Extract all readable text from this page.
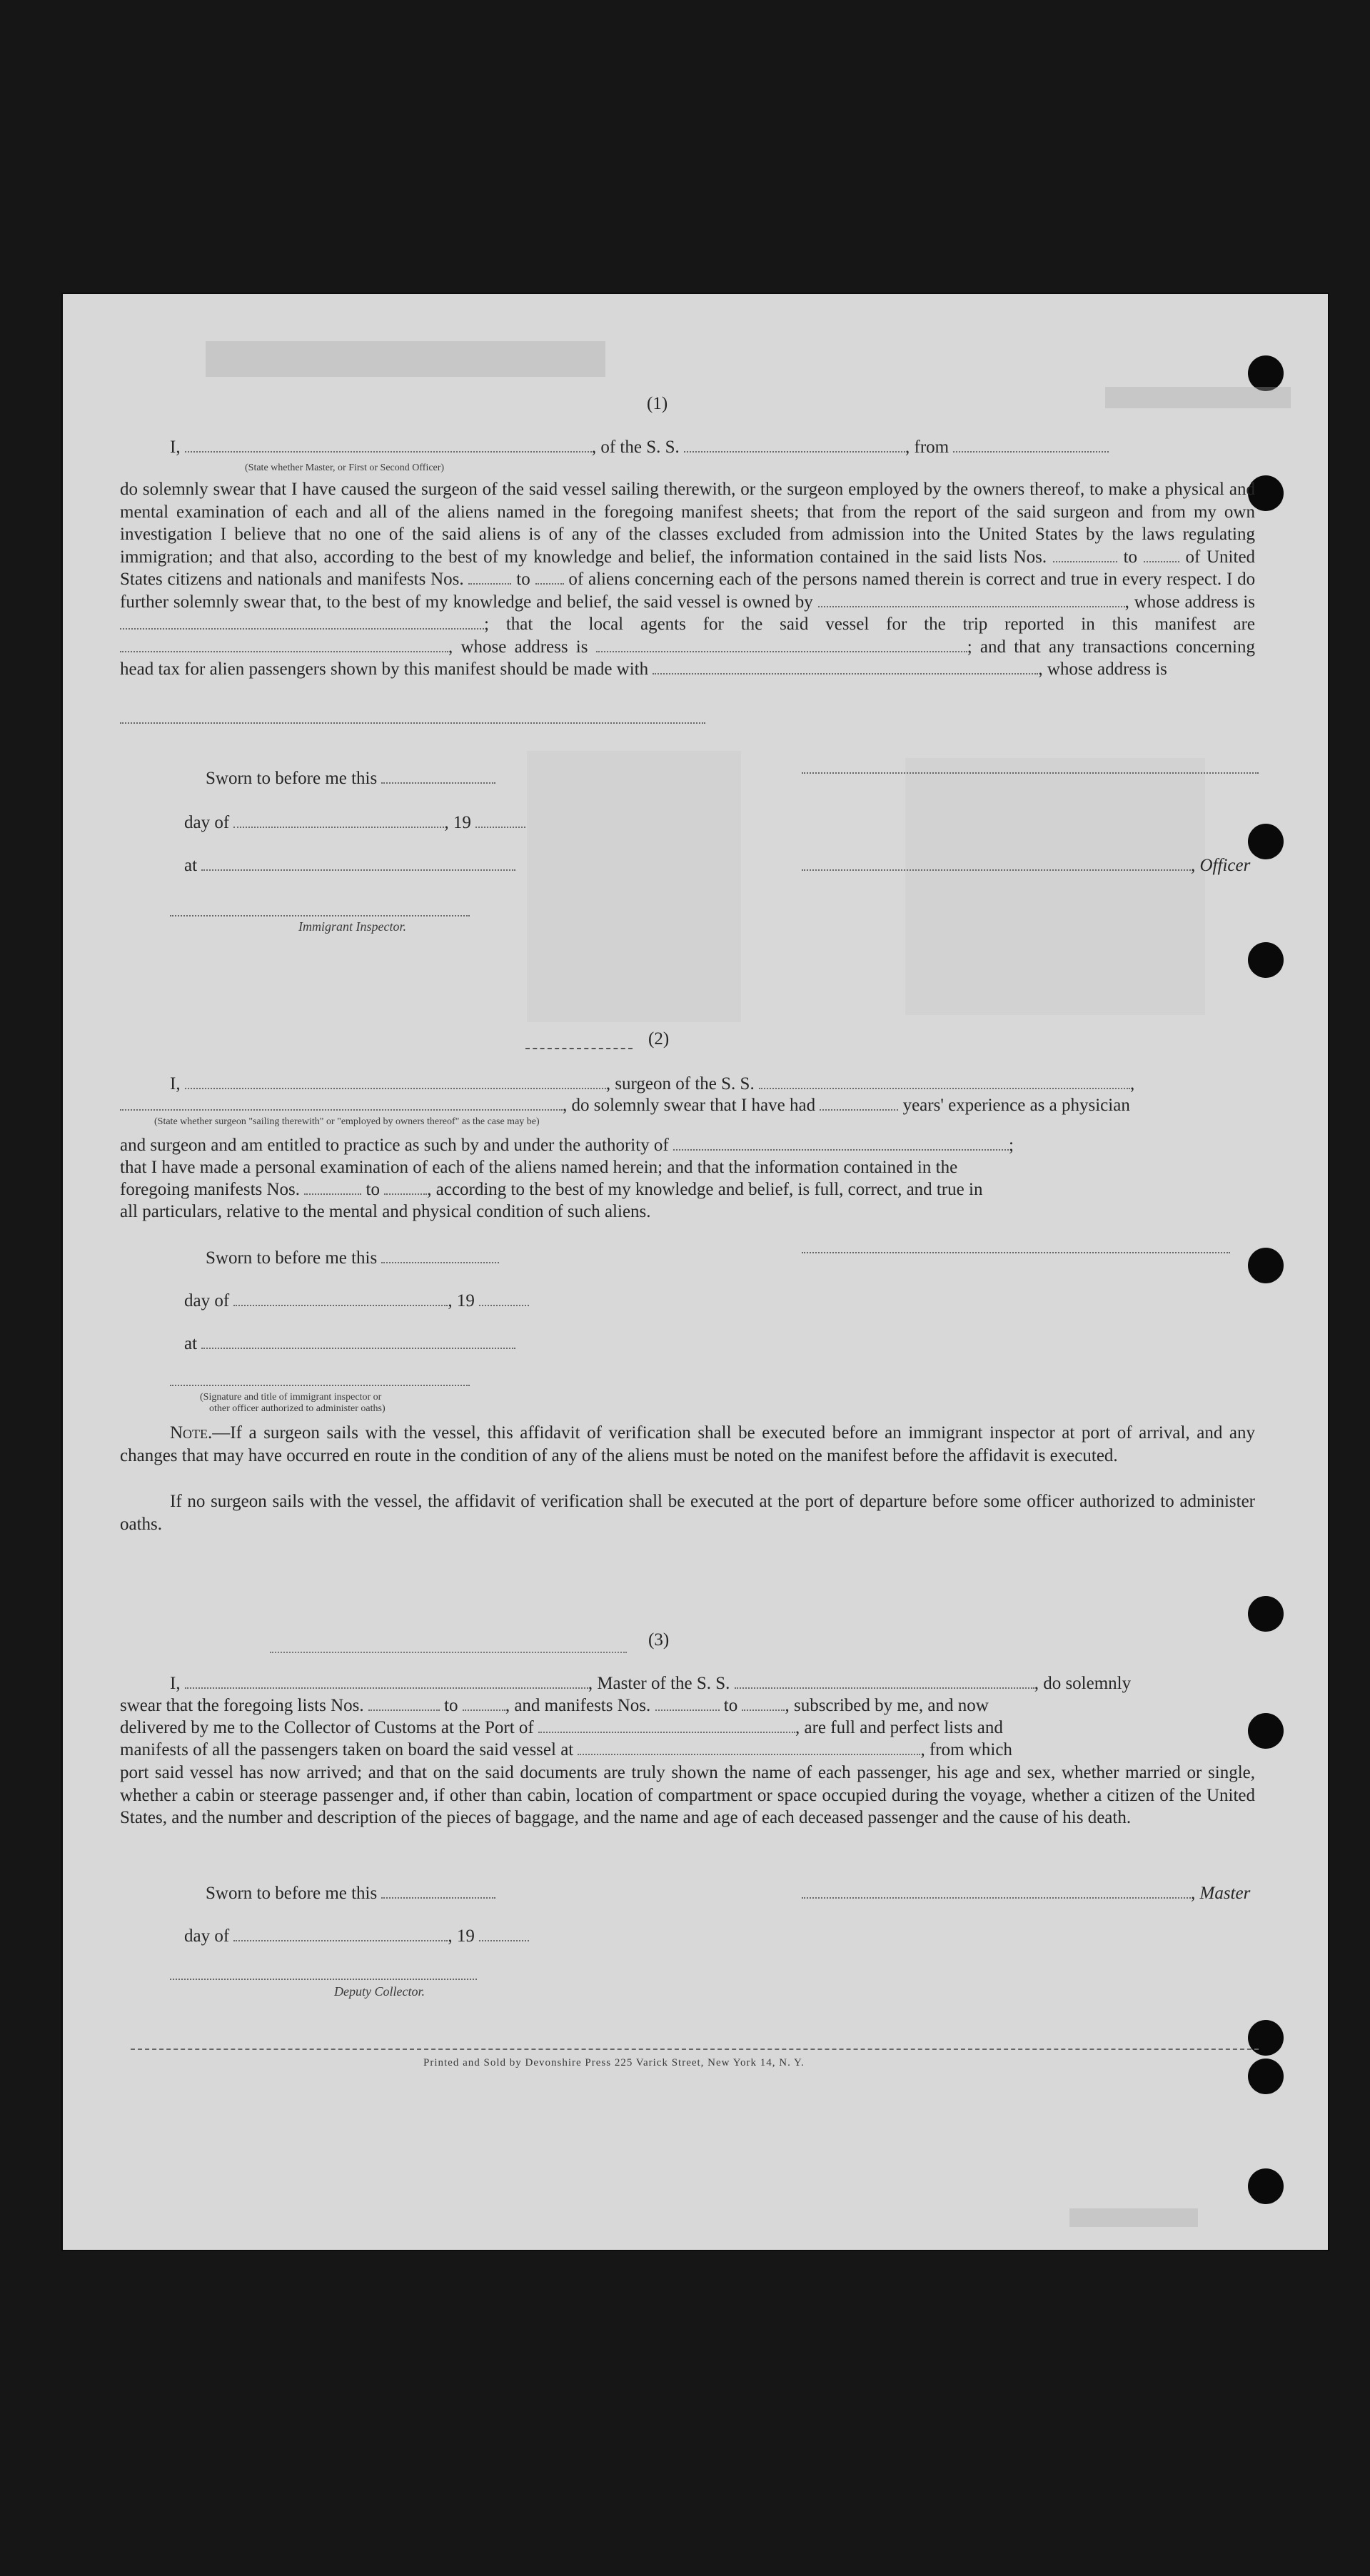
(1)
I,	, of the S. S.	, from
(State whether Master, or First or Second Officer)
do solemnly swear that I have caused the surgeon of the said vessel sailing therewith, or the surgeon employed by the owners thereof, to make a physical and mental examination of each and all of the aliens named in the foregoing manifest sheets; that from the report of the said surgeon and from my own investigation I believe that no one of the said aliens is of any of the classes excluded from admission into the United States by the laws regulating immigration; and that also, according to the best of my knowledge and belief, the information contained in the said lists Nos.	to	of United States citizens and nationals and manifests Nos.	to of aliens concerning each of the persons named therein is correct and true in every respect. I do further solemnly swear that, to the best of my knowledge and belief, the said vessel is owned by	, whose address is ; that the local agents for the said vessel for the trip reported in this manifest are , whose address is	; and that any transactions concerning head tax for alien passengers shown by this manifest should be made with	, whose address is
Sworn to before me this
day of	, 19
at	, Officer
Immigrant Inspector.
(2)
I,	, surgeon of the S. S.	,
, do solemnly swear that I have had	years' experience as a physician
(State whether surgeon "sailing therewith" or "employed by owners thereof" as the case may be)
and surgeon and am entitled to practice as such by and under the authority of	;
that I have made a personal examination of each of the aliens named herein; and that the information contained in the
foregoing manifests Nos.	to	, according to the best of my knowledge and belief, is full, correct, and true in
all particulars, relative to the mental and physical condition of such aliens.
Sworn to before me this
day of	, 19
at
(Signature and title of immigrant inspector or
other officer authorized to administer oaths)
Note.—If a surgeon sails with the vessel, this affidavit of verification shall be executed before an immigrant inspector at port of arrival, and any changes that may have occurred en route in the condition of any of the aliens must be noted on the manifest before the affidavit is executed.
If no surgeon sails with the vessel, the affidavit of verification shall be executed at the port of departure before some officer authorized to administer oaths.
(3)
I,	, Master of the S. S.	, do solemnly
swear that the foregoing lists Nos.	to	, and manifests Nos.	to	, subscribed by me, and now
delivered by me to the Collector of Customs at the Port of	, are full and perfect lists and
manifests of all the passengers taken on board the said vessel at	, from which
port said vessel has now arrived; and that on the said documents are truly shown the name of each passenger, his age and sex, whether married or single, whether a cabin or steerage passenger and, if other than cabin, location of compartment or space occupied during the voyage, whether a citizen of the United States, and the number and description of the pieces of baggage, and the name and age of each deceased passenger and the cause of his death.
Sworn to before me this	, Master
day of	, 19
Deputy Collector.
Printed and Sold by Devonshire Press 225 Varick Street, New York 14, N. Y.
